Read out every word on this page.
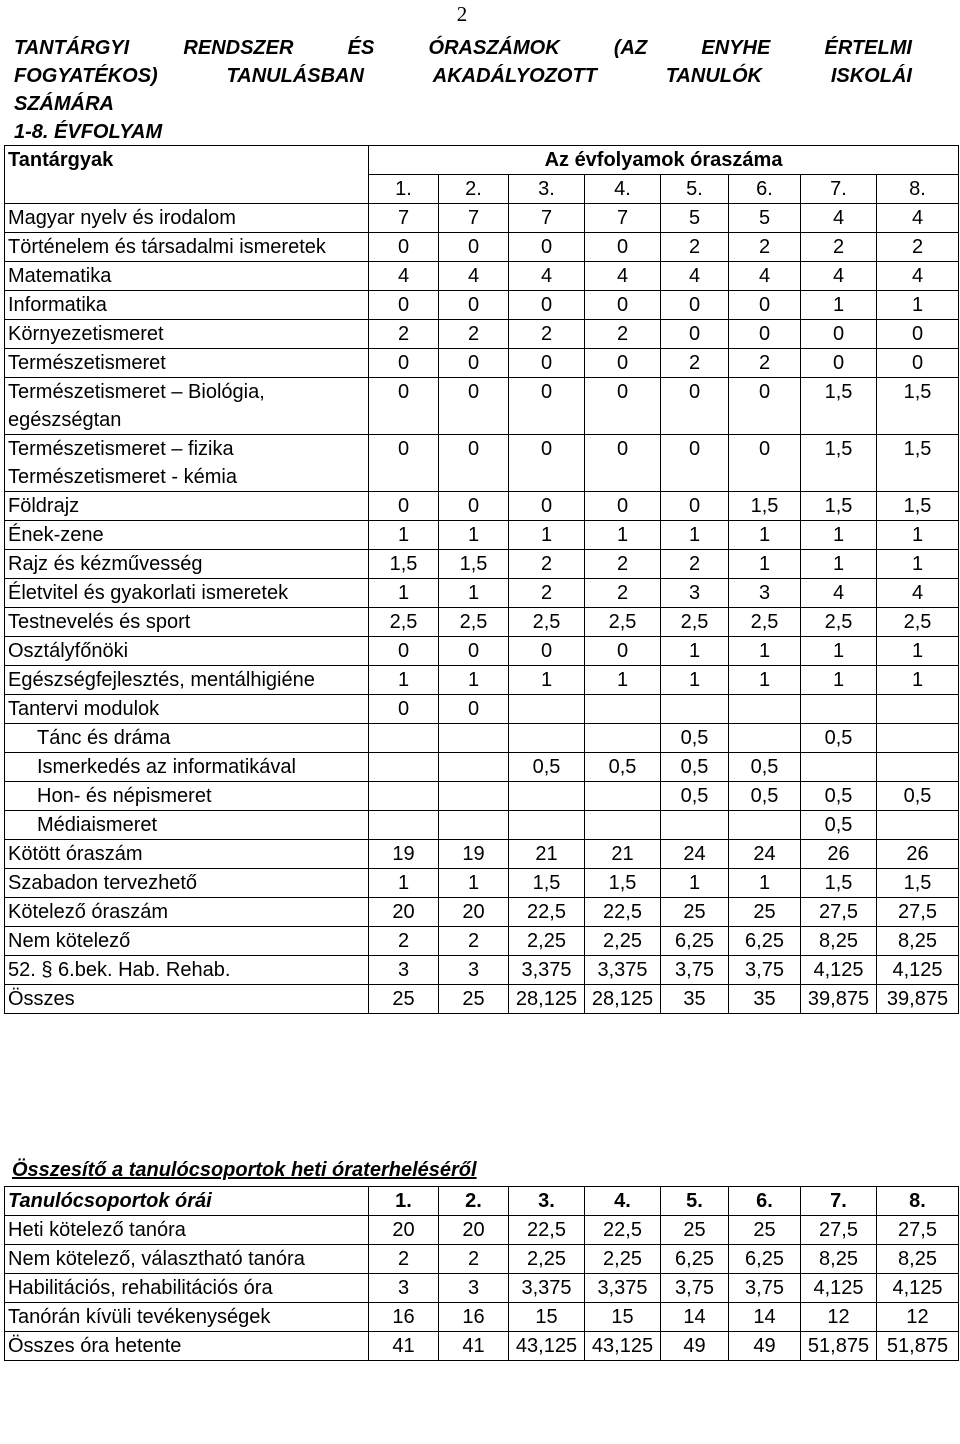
2
TANTÁRGYI	RENDSZER	ÉS	ÓRASZÁMOK	(AZ	ENYHE	ÉRTELMI
FOGYATÉKOS)	TANULÁSBAN	AKADÁLYOZOTT	TANULÓK	ISKOLÁI
SZÁMÁRA
1-8. ÉVFOLYAM
Tantárgyak	Az évfolyamok óraszáma							
	1.	2.	3.	4.	5.	6.	7.	8.
Magyar nyelv és irodalom	7	7	7	7	5	5	4	4
Történelem és társadalmi ismeretek	0	0	0	0	2	2	2	2
Matematika	4	4	4	4	4	4	4	4
Informatika	0	0	0	0	0	0	1	1
Környezetismeret	2	2	2	2	0	0	0	0
Természetismeret	0	0	0	0	2	2	0	0
Természetismeret – Biológia, egészségtan	0	0	0	0	0	0	1,5	1,5
Természetismeret – fizika Természetismeret - kémia	0	0	0	0	0	0	1,5	1,5
Földrajz	0	0	0	0	0	1,5	1,5	1,5
Ének-zene	1	1	1	1	1	1	1	1
Rajz és kézművesség	1,5	1,5	2	2	2	1	1	1
Életvitel és gyakorlati ismeretek	1	1	2	2	3	3	4	4
Testnevelés és sport	2,5	2,5	2,5	2,5	2,5	2,5	2,5	2,5
Osztályfőnöki	0	0	0	0	1	1	1	1
Egészségfejlesztés, mentálhigiéne	1	1	1	1	1	1	1	1
Tantervi modulok	0	0						
Tánc és dráma					0,5		0,5	
Ismerkedés az informatikával			0,5	0,5	0,5	0,5		
Hon- és népismeret					0,5	0,5	0,5	0,5
Médiaismeret							0,5	
Kötött óraszám	19	19	21	21	24	24	26	26
Szabadon tervezhető	1	1	1,5	1,5	1	1	1,5	1,5
Kötelező óraszám	20	20	22,5	22,5	25	25	27,5	27,5
Nem kötelező	2	2	2,25	2,25	6,25	6,25	8,25	8,25
52. § 6.bek. Hab. Rehab.	3	3	3,375	3,375	3,75	3,75	4,125	4,125
Összes	25	25	28,125	28,125	35	35	39,875	39,875
Összesítő a tanulócsoportok heti óraterheléséről
Tanulócsoportok órái	1.	2.	3.	4.	5.	6.	7.	8.
Heti kötelező tanóra	20	20	22,5	22,5	25	25	27,5	27,5
Nem kötelező, választható tanóra	2	2	2,25	2,25	6,25	6,25	8,25	8,25
Habilitációs, rehabilitációs óra	3	3	3,375	3,375	3,75	3,75	4,125	4,125
Tanórán kívüli tevékenységek	16	16	15	15	14	14	12	12
Összes óra hetente	41	41	43,125	43,125	49	49	51,875	51,875
